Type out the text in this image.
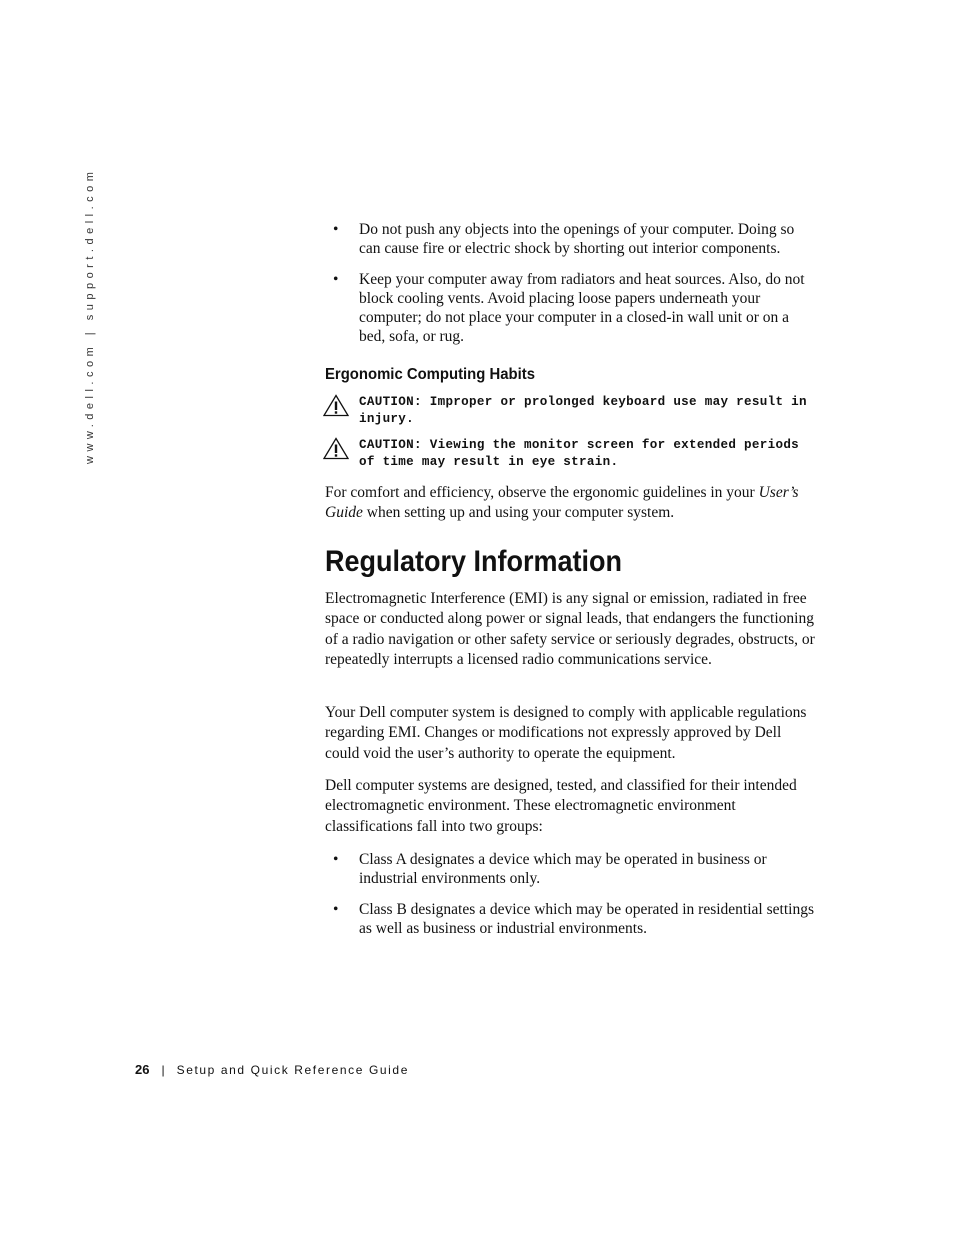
www.dell.com | support.dell.com	• Do not push any objects into the openings of your computer. Doing so can cause fire or electric shock by shorting out interior components.
• Keep your computer away from radiators and heat sources. Also, do not block cooling vents. Avoid placing loose papers underneath your computer; do not place your computer in a closed-in wall unit or on a bed, sofa, or rug.
Ergonomic Computing Habits
CAUTION: Improper or prolonged keyboard use may result in injury.
CAUTION: Viewing the monitor screen for extended periods of time may result in eye strain.
For comfort and efficiency, observe the ergonomic guidelines in your User’s Guide when setting up and using your computer system.
Regulatory Information
Electromagnetic Interference (EMI) is any signal or emission, radiated in free space or conducted along power or signal leads, that endangers the functioning of a radio navigation or other safety service or seriously degrades, obstructs, or repeatedly interrupts a licensed radio communications service.
Your Dell computer system is designed to comply with applicable regulations regarding EMI. Changes or modifications not expressly approved by Dell could void the user’s authority to operate the equipment.
Dell computer systems are designed, tested, and classified for their intended electromagnetic environment. These electromagnetic environment classifications fall into two groups:
• Class A designates a device which may be operated in business or industrial environments only.
• Class B designates a device which may be operated in residential settings as well as business or industrial environments.
26 | Setup and Quick Reference Guide
